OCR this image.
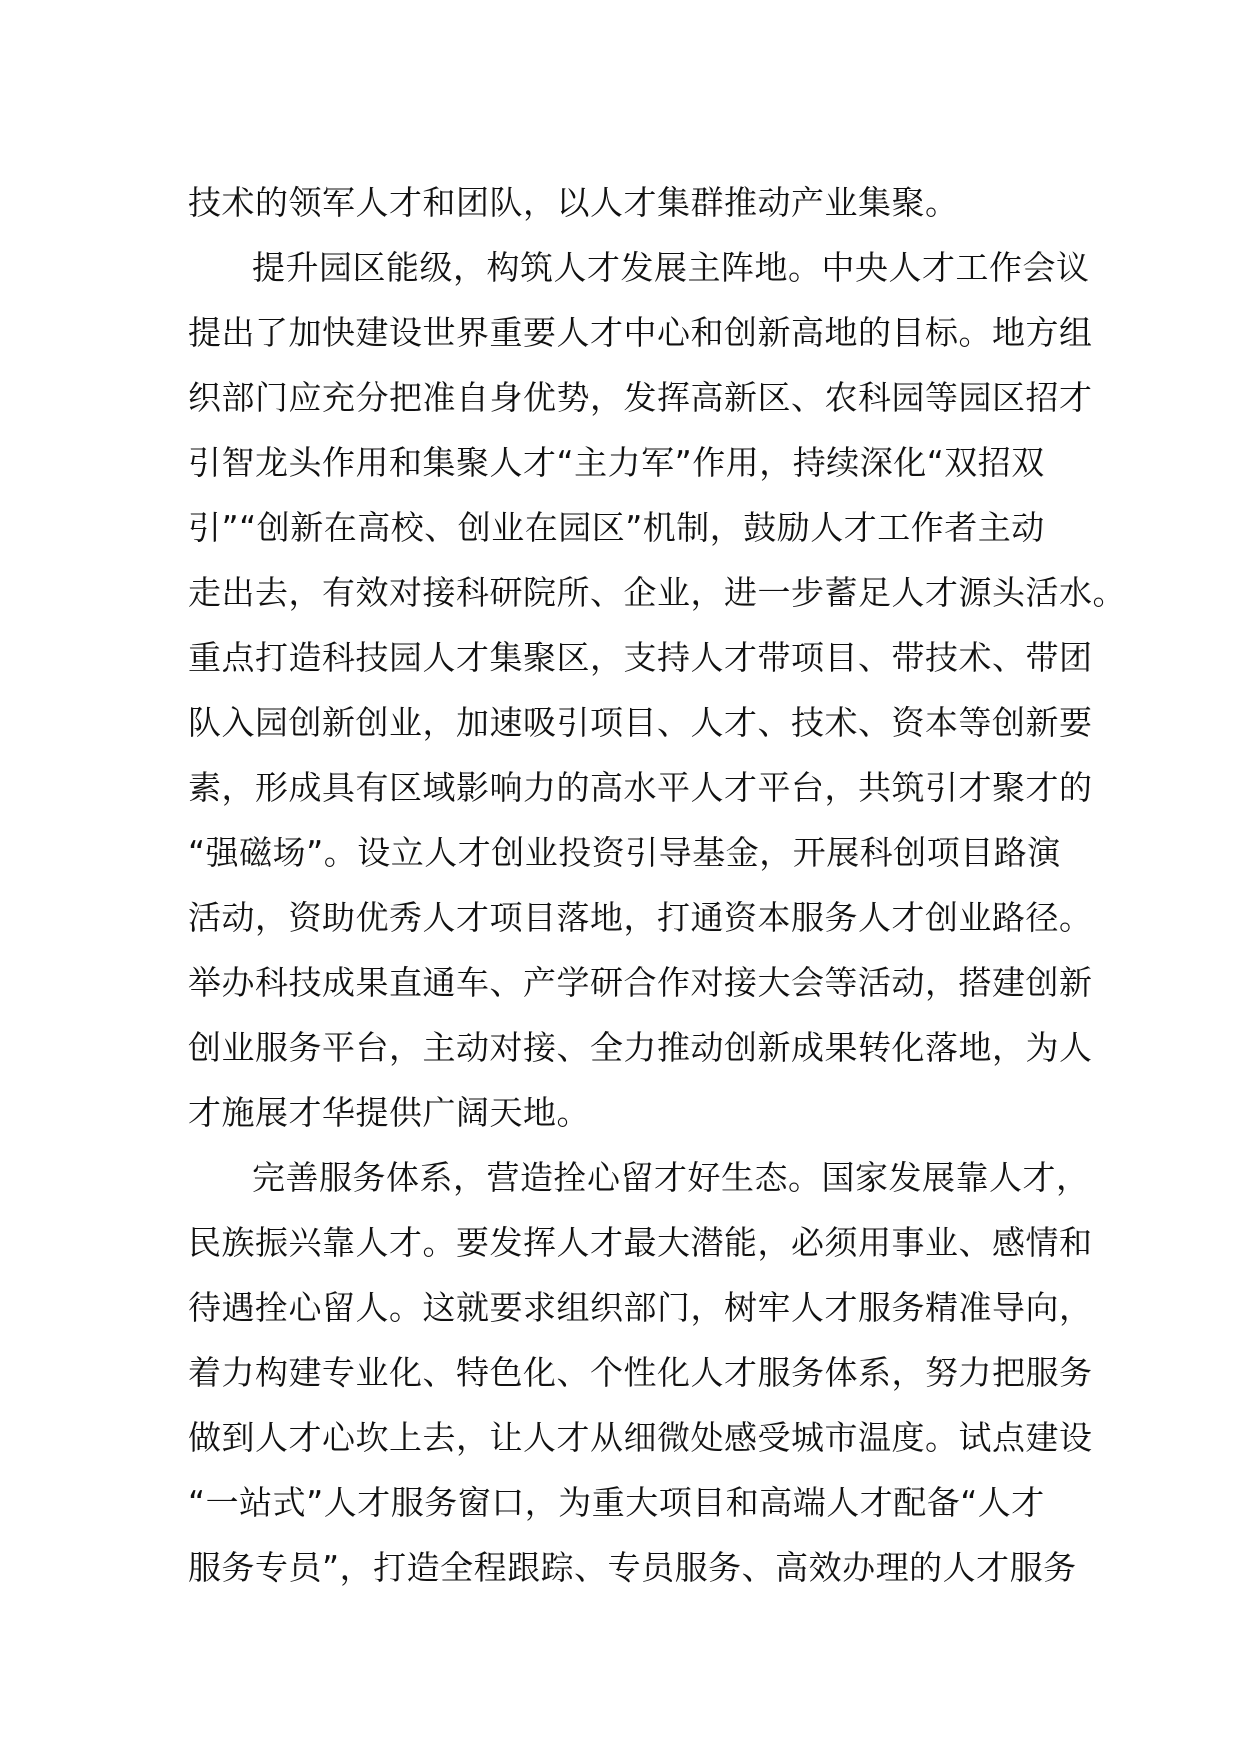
技术的领军人才和团队，以人才集群推动产业集聚。
提升园区能级，构筑人才发展主阵地。中央人才工作会议
提出了加快建设世界重要人才中心和创新高地的目标。地方组
织部门应充分把准自身优势，发挥高新区、农科园等园区招才
引智龙头作用和集聚人才“主力军”作用，持续深化“双招双
引”“创新在高校、创业在园区”机制，鼓励人才工作者主动
走出去，有效对接科研院所、企业，进一步蓄足人才源头活水。
重点打造科技园人才集聚区，支持人才带项目、带技术、带团
队入园创新创业，加速吸引项目、人才、技术、资本等创新要
素，形成具有区域影响力的高水平人才平台，共筑引才聚才的
“强磁场”。设立人才创业投资引导基金，开展科创项目路演
活动，资助优秀人才项目落地，打通资本服务人才创业路径。
举办科技成果直通车、产学研合作对接大会等活动，搭建创新
创业服务平台，主动对接、全力推动创新成果转化落地，为人
才施展才华提供广阔天地。
完善服务体系，营造拴心留才好生态。国家发展靠人才，
民族振兴靠人才。要发挥人才最大潜能，必须用事业、感情和
待遇拴心留人。这就要求组织部门，树牢人才服务精准导向，
着力构建专业化、特色化、个性化人才服务体系，努力把服务
做到人才心坎上去，让人才从细微处感受城市温度。试点建设
“一站式”人才服务窗口，为重大项目和高端人才配备“人才
服务专员”，打造全程跟踪、专员服务、高效办理的人才服务
